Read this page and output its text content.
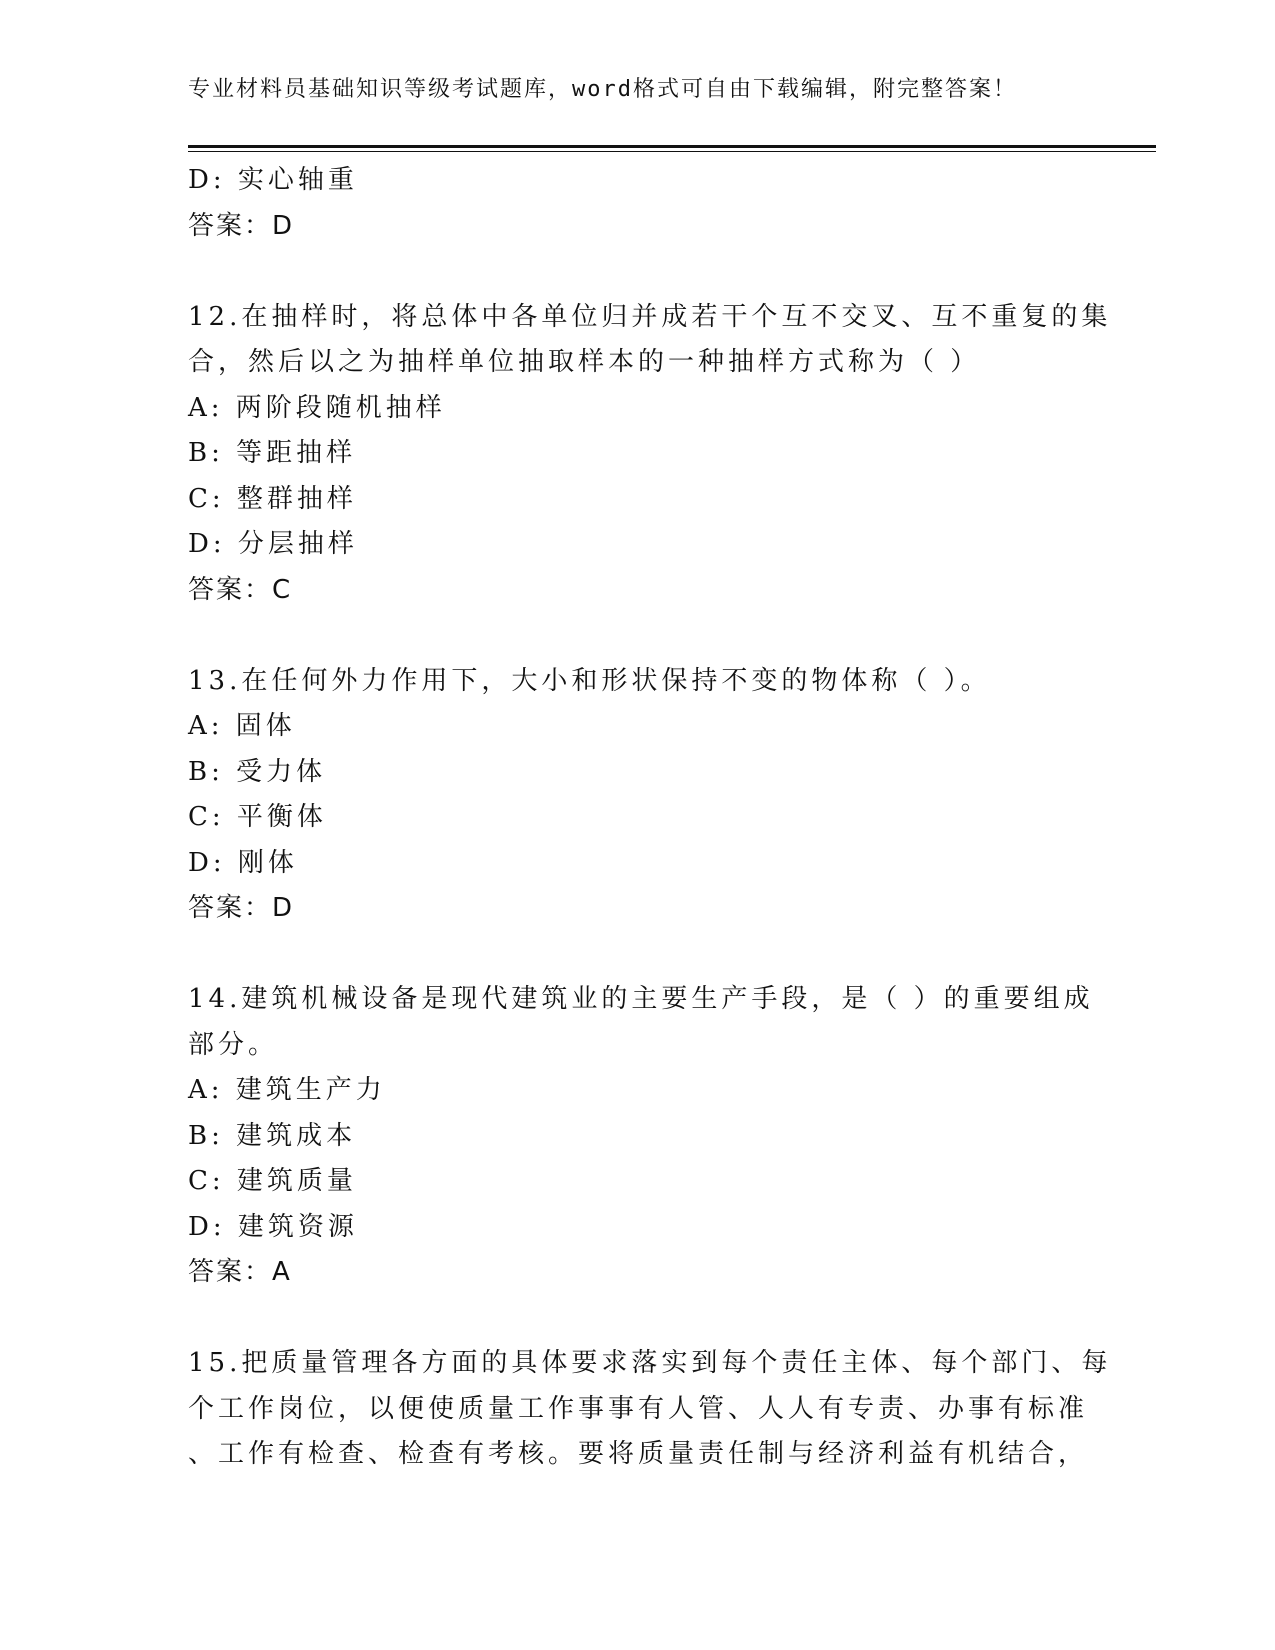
专业材料员基础知识等级考试题库，word格式可自由下载编辑，附完整答案！
D: 实心轴重
答案：D
12.在抽样时，将总体中各单位归并成若干个互不交叉、互不重复的集
合，然后以之为抽样单位抽取样本的一种抽样方式称为（ ）
A: 两阶段随机抽样
B: 等距抽样
C: 整群抽样
D: 分层抽样
答案：C
13.在任何外力作用下，大小和形状保持不变的物体称（ ）。
A: 固体
B: 受力体
C: 平衡体
D: 刚体
答案：D
14.建筑机械设备是现代建筑业的主要生产手段，是（ ）的重要组成
部分。
A: 建筑生产力
B: 建筑成本
C: 建筑质量
D: 建筑资源
答案：A
15.把质量管理各方面的具体要求落实到每个责任主体、每个部门、每
个工作岗位，以便使质量工作事事有人管、人人有专责、办事有标准
、工作有检查、检查有考核。要将质量责任制与经济利益有机结合，
